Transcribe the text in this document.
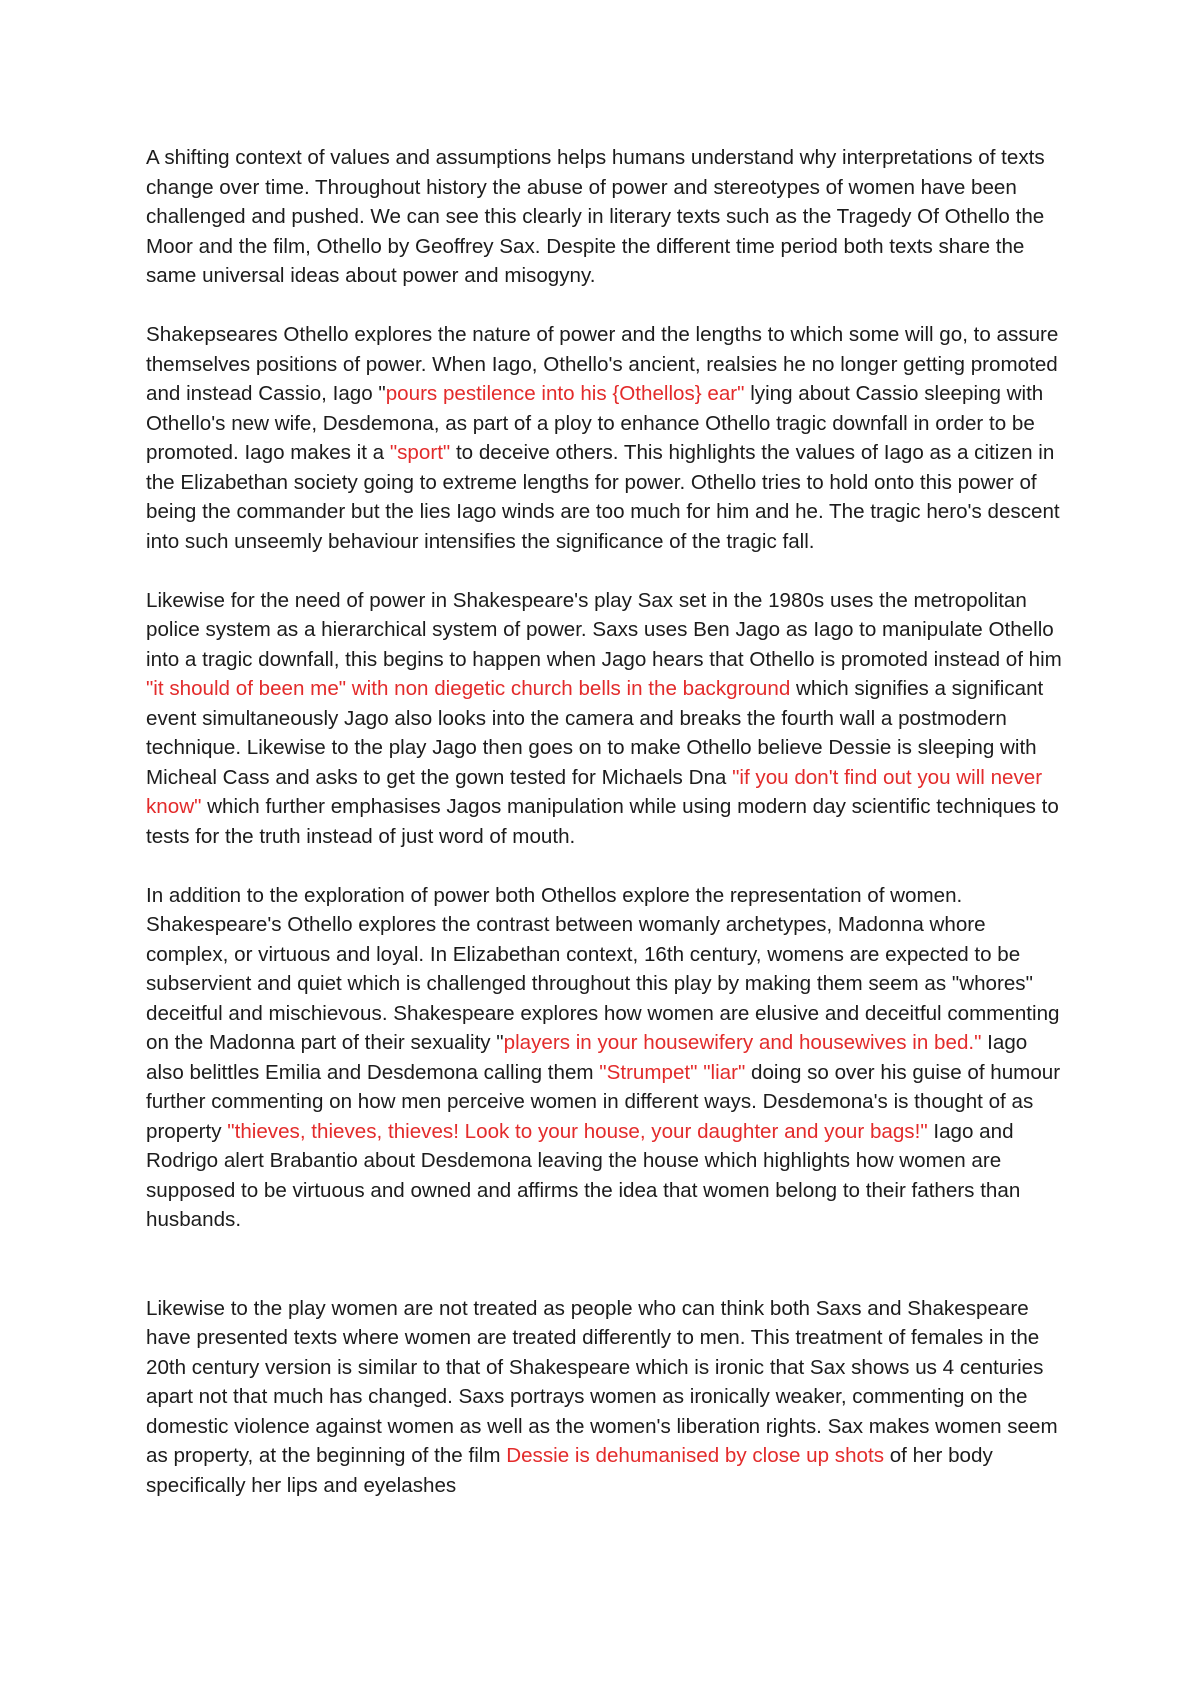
A shifting context of values and assumptions helps humans understand why interpretations of texts change over time. Throughout history the abuse of power and stereotypes of women have been challenged and pushed. We can see this clearly in literary texts such as the Tragedy Of Othello the Moor and the film, Othello by Geoffrey Sax. Despite the different time period both texts share the same universal ideas about power and misogyny.

Shakepseares Othello explores the nature of power and the lengths to which some will go, to assure themselves positions of power. When Iago, Othello's ancient, realsies he no longer getting promoted and instead Cassio, Iago "pours pestilence into his {Othellos} ear" lying about Cassio sleeping with Othello's new wife, Desdemona, as part of a ploy to enhance Othello tragic downfall in order to be promoted. Iago makes it a "sport" to deceive others. This highlights the values of Iago as a citizen in the Elizabethan society going to extreme lengths for power. Othello tries to hold onto this power of being the commander but the lies Iago winds are too much for him and he. The tragic hero's descent into such unseemly behaviour intensifies the significance of the tragic fall.

Likewise for the need of power in Shakespeare's play Sax set in the 1980s uses the metropolitan police system as a hierarchical system of power. Saxs uses Ben Jago as Iago to manipulate Othello into a tragic downfall, this begins to happen when Jago hears that Othello is promoted instead of him "it should of been me" with non diegetic church bells in the background which signifies a significant event simultaneously Jago also looks into the camera and breaks the fourth wall a postmodern technique. Likewise to the play Jago then goes on to make Othello believe Dessie is sleeping with Micheal Cass and asks to get the gown tested for Michaels Dna "if you don't find out you will never know" which further emphasises Jagos manipulation while using modern day scientific techniques to tests for the truth instead of just word of mouth.

In addition to the exploration of power both Othellos explore the representation of women. Shakespeare's Othello explores the contrast between womanly archetypes, Madonna whore complex, or virtuous and loyal. In Elizabethan context, 16th century, womens are expected to be subservient and quiet which is challenged throughout this play by making them seem as "whores" deceitful and mischievous. Shakespeare explores how women are elusive and deceitful commenting on the Madonna part of their sexuality "players in your housewifery and housewives in bed." Iago also belittles Emilia and Desdemona calling them "Strumpet" "liar" doing so over his guise of humour further commenting on how men perceive women in different ways. Desdemona's is thought of as property "thieves, thieves, thieves! Look to your house, your daughter and your bags!" Iago and Rodrigo alert Brabantio about Desdemona leaving the house which highlights how women are supposed to be virtuous and owned and affirms the idea that women belong to their fathers than husbands.

Likewise to the play women are not treated as people who can think both Saxs and Shakespeare have presented texts where women are treated differently to men. This treatment of females in the 20th century version is similar to that of Shakespeare which is ironic that Sax shows us 4 centuries apart not that much has changed. Saxs portrays women as ironically weaker, commenting on the domestic violence against women as well as the women's liberation rights. Sax makes women seem as property, at the beginning of the film Dessie is dehumanised by close up shots of her body specifically her lips and eyelashes
